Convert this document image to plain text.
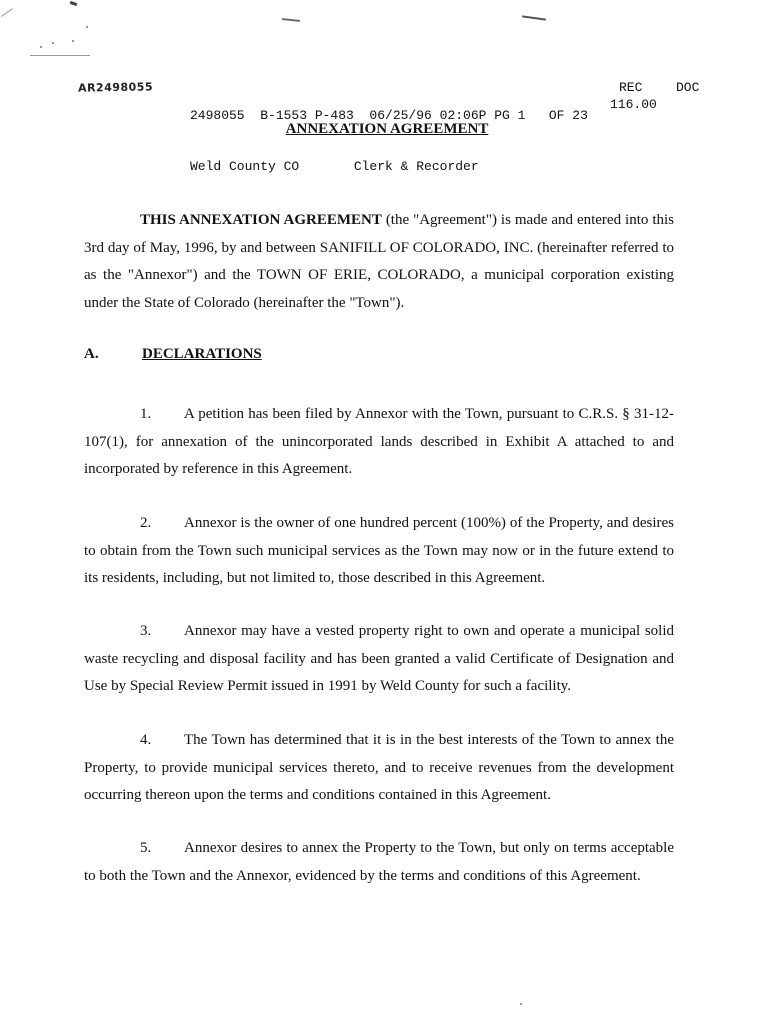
AR2498055

2498055  B-1553 P-483  06/25/96 02:06P PG 1   OF 23

Weld County CO       Clerk & Recorder

REC
116.00
DOC
ANNEXATION AGREEMENT
THIS ANNEXATION AGREEMENT (the "Agreement") is made and entered into this 3rd day of May, 1996, by and between SANIFILL OF COLORADO, INC. (hereinafter referred to as the "Annexor") and the TOWN OF ERIE, COLORADO, a municipal corporation existing under the State of Colorado (hereinafter the "Town").
A.	DECLARATIONS
1. A petition has been filed by Annexor with the Town, pursuant to C.R.S. § 31-12-107(1), for annexation of the unincorporated lands described in Exhibit A attached to and incorporated by reference in this Agreement.
2. Annexor is the owner of one hundred percent (100%) of the Property, and desires to obtain from the Town such municipal services as the Town may now or in the future extend to its residents, including, but not limited to, those described in this Agreement.
3. Annexor may have a vested property right to own and operate a municipal solid waste recycling and disposal facility and has been granted a valid Certificate of Designation and Use by Special Review Permit issued in 1991 by Weld County for such a facility.
4. The Town has determined that it is in the best interests of the Town to annex the Property, to provide municipal services thereto, and to receive revenues from the development occurring thereon upon the terms and conditions contained in this Agreement.
5. Annexor desires to annex the Property to the Town, but only on terms acceptable to both the Town and the Annexor, evidenced by the terms and conditions of this Agreement.
